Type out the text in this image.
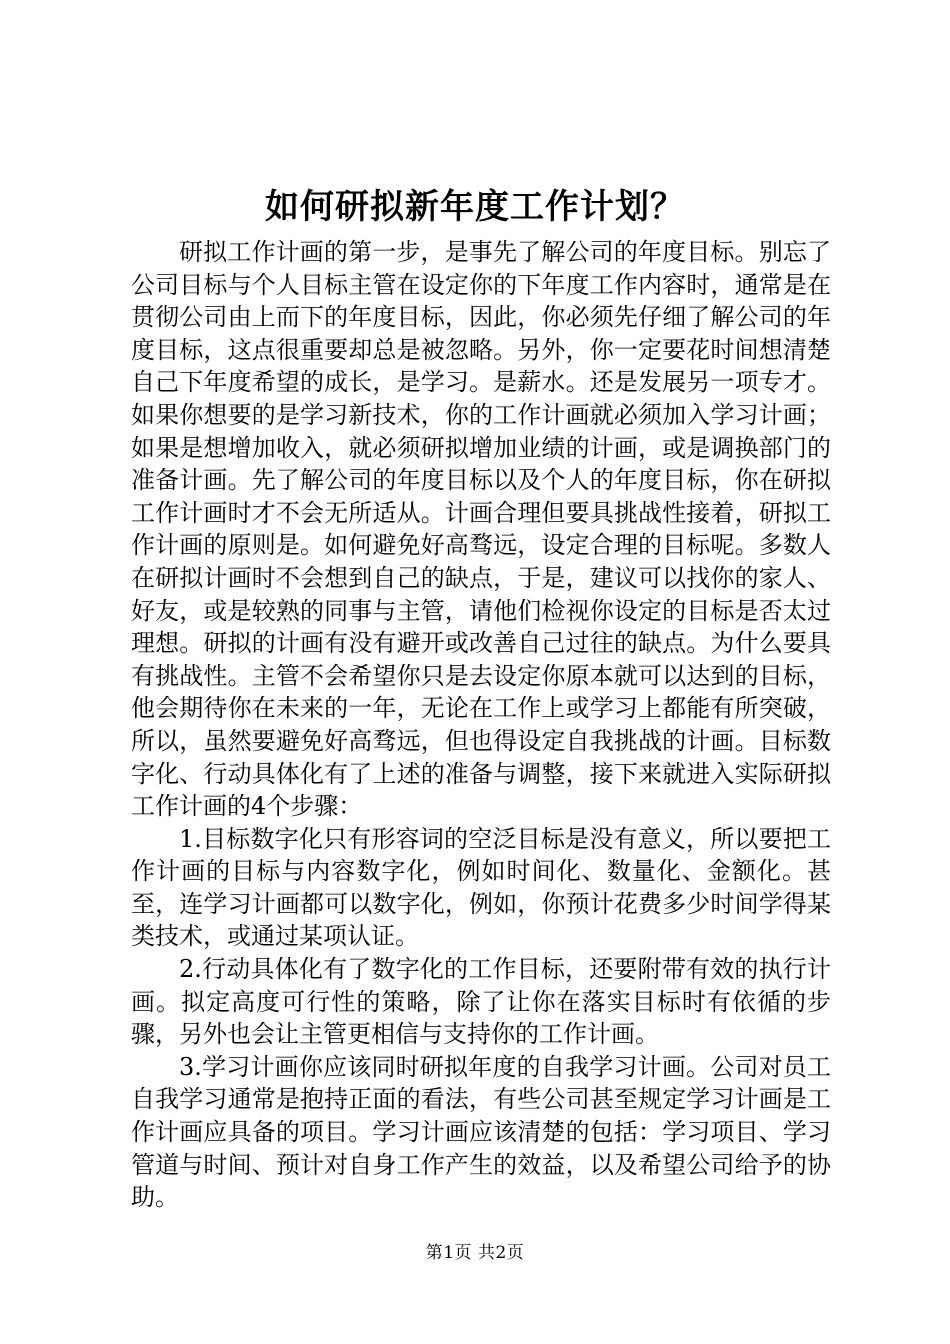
如何研拟新年度工作计划？

研拟工作计画的第一步，是事先了解公司的年度目标。别忘了公司目标与个人目标主管在设定你的下年度工作内容时，通常是在贯彻公司由上而下的年度目标，因此，你必须先仔细了解公司的年度目标，这点很重要却总是被忽略。另外，你一定要花时间想清楚自己下年度希望的成长，是学习。是薪水。还是发展另一项专才。如果你想要的是学习新技术，你的工作计画就必须加入学习计画；如果是想增加收入，就必须研拟增加业绩的计画，或是调换部门的准备计画。先了解公司的年度目标以及个人的年度目标，你在研拟工作计画时才不会无所适从。计画合理但要具挑战性接着，研拟工作计画的原则是。如何避免好高骛远，设定合理的目标呢。多数人在研拟计画时不会想到自己的缺点，于是，建议可以找你的家人、好友，或是较熟的同事与主管，请他们检视你设定的目标是否太过理想。研拟的计画有没有避开或改善自己过往的缺点。为什么要具有挑战性。主管不会希望你只是去设定你原本就可以达到的目标，他会期待你在未来的一年，无论在工作上或学习上都能有所突破，所以，虽然要避免好高骛远，但也得设定自我挑战的计画。目标数字化、行动具体化有了上述的准备与调整，接下来就进入实际研拟工作计画的4个步骤：

1.目标数字化只有形容词的空泛目标是没有意义，所以要把工作计画的目标与内容数字化，例如时间化、数量化、金额化。甚至，连学习计画都可以数字化，例如，你预计花费多少时间学得某类技术，或通过某项认证。

2.行动具体化有了数字化的工作目标，还要附带有效的执行计画。拟定高度可行性的策略，除了让你在落实目标时有依循的步骤，另外也会让主管更相信与支持你的工作计画。

3.学习计画你应该同时研拟年度的自我学习计画。公司对员工自我学习通常是抱持正面的看法，有些公司甚至规定学习计画是工作计画应具备的项目。学习计画应该清楚的包括：学习项目、学习管道与时间、预计对自身工作产生的效益，以及希望公司给予的协助。

第1页 共2页
